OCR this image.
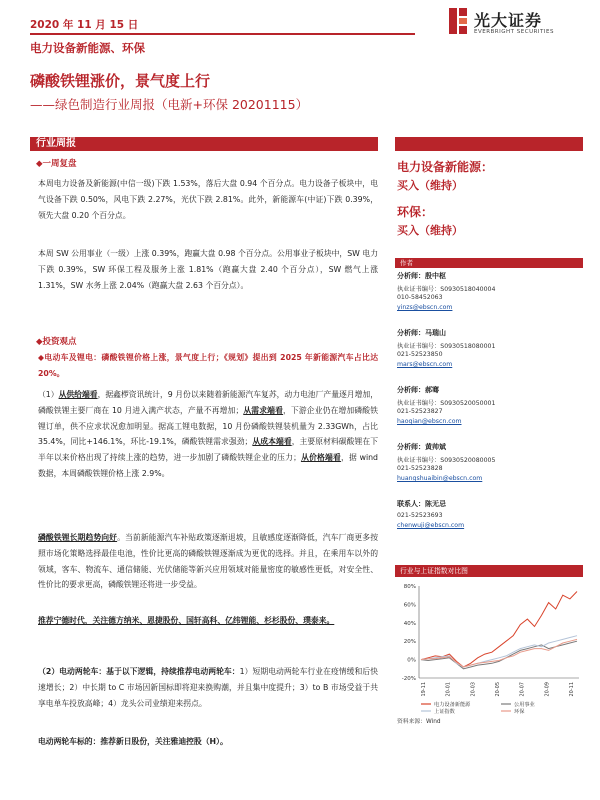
2020 年 11 月 15 日
电力设备新能源、环保
光大证券
EVERBRIGHT SECURITIES
磷酸铁锂涨价，景气度上行
——绿色制造行业周报（电新+环保 20201115）
行业周报
◆一周复盘
本周电力设备及新能源(中信一级)下跌 1.53%，落后大盘 0.94 个百分点。电力设备子板块中，电气设备下跌 0.50%，风电下跌 2.27%，光伏下跌 2.81%。此外，新能源车(中证)下跌 0.39%，领先大盘 0.20 个百分点。
本周 SW 公用事业（一级）上涨 0.39%，跑赢大盘 0.98 个百分点。公用事业子板块中，SW 电力下跌 0.39%，SW 环保工程及服务上涨 1.81%（跑赢大盘 2.40 个百分点），SW 燃气上涨 1.31%，SW 水务上涨 2.04%（跑赢大盘 2.63 个百分点）。
◆投资观点
◆电动车及锂电：磷酸铁锂价格上涨，景气度上行；《规划》提出到 2025 年新能源汽车占比达 20%。
（1）从供给端看，据鑫椤资讯统计，9 月份以来随着新能源汽车复苏，动力电池厂产量逐月增加，磷酸铁锂主要厂商在 10 月进入满产状态，产量不再增加；从需求端看，下游企业仍在增加磷酸铁锂订单，供不应求状况愈加明显。据高工锂电数据，10 月份磷酸铁锂装机量为 2.33GWh，占比 35.4%，同比+146.1%，环比-19.1%，磷酸铁锂需求强劲；从成本端看，主要原材料碳酸锂在下半年以来价格出现了持续上涨的趋势，进一步加剧了磷酸铁锂企业的压力；从价格端看，据 wind 数据，本周磷酸铁锂价格上涨 2.9%。
磷酸铁锂长期趋势向好。当前新能源汽车补贴政策逐渐退坡，且敏感度逐渐降低，汽车厂商更多按照市场化策略选择最佳电池，性价比更高的磷酸铁锂逐渐成为更优的选择。并且，在乘用车以外的领域，客车、物流车、通信储能、光伏储能等新兴应用领域对能量密度的敏感性更低，对安全性、性价比的要求更高，磷酸铁锂还将进一步受益。
推荐宁德时代，关注德方纳米、恩捷股份、国轩高科、亿纬锂能、杉杉股份、璞泰来。
（2）电动两轮车：基于以下逻辑，持续推荐电动两轮车：1）短期电动两轮车行业在疫情缓和后快速增长；2）中长期 to C 市场因新国标即将迎来换购潮，并且集中度提升；3）to B 市场受益于共享电单车投放高峰；4）龙头公司业绩迎来拐点。
电动两轮车标的：推荐新日股份，关注雅迪控股（H）。
电力设备新能源：
买入（维持）
环保：
买入（维持）
作者
分析师：殷中枢
执业证书编号：S0930518040004
010-58452063
yinzs@ebscn.com
分析师：马瑞山
执业证书编号：S0930518080001
021-52523850
mars@ebscn.com
分析师：郝骞
执业证书编号：S0930520050001
021-52523827
haoqian@ebscn.com
分析师：黄帅斌
执业证书编号：S0930520080005
021-52523828
huangshuaibin@ebscn.com
联系人：陈无忌
021-52523693
chenwuji@ebscn.com
行业与上证指数对比图
80%
60%
40%
20%
0%
-20%
19-11	20-01	20-03	20-05	20-07	20-09	20-11
电力设备新能源	公用事业
上证指数	环保
资料来源：Wind
